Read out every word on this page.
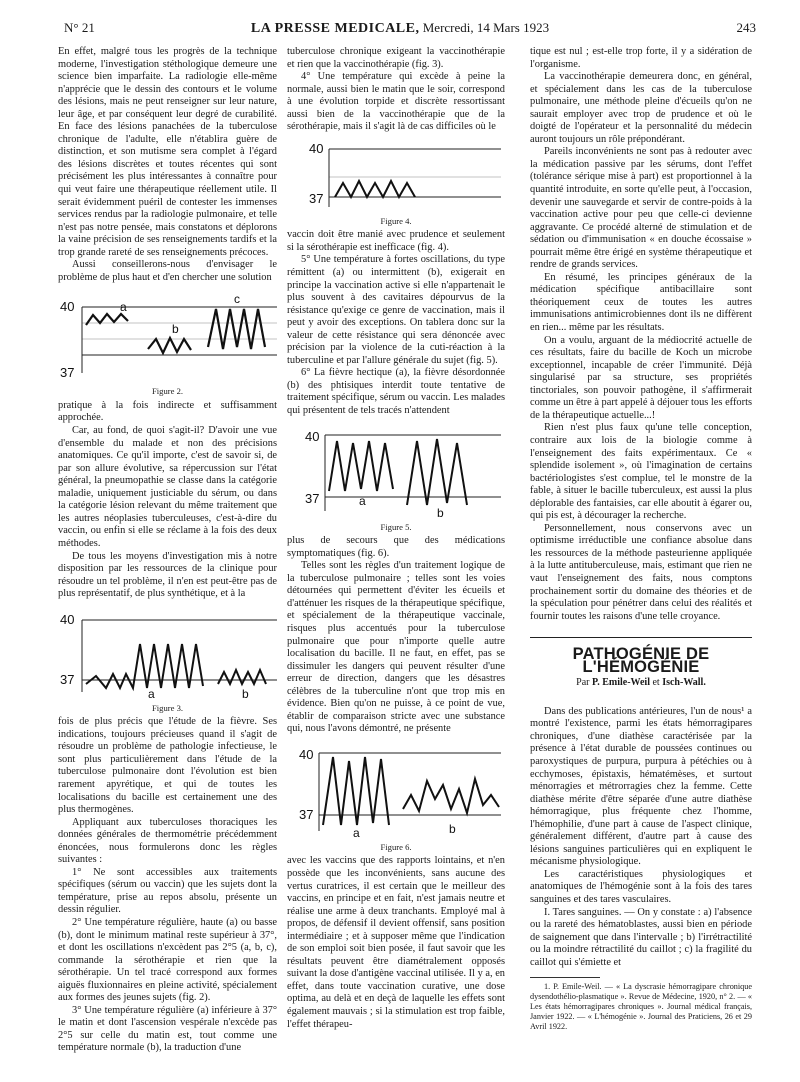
N° 21	LA PRESSE MEDICALE, Mercredi, 14 Mars 1923	243

En effet, malgré tous les progrès de la technique moderne, l'investigation stéthologique demeure une science bien imparfaite. La radiologie elle-même n'apprécie que le dessin des contours et le volume des lésions, mais ne peut renseigner sur leur nature, leur âge, et par conséquent leur degré de curabilité. En face des lésions panachées de la tuberculose chronique de l'adulte, elle n'établira guère de distinction, et son mutisme sera complet à l'égard des lésions discrètes et toutes récentes qui sont précisément les plus intéressantes à connaître pour qui veut faire une thérapeutique réellement utile. Il serait évidemment puéril de contester les immenses services rendus par la radiologie pulmonaire, et telle n'est pas notre pensée, mais constatons et déplorons la vaine précision de ses renseignements tardifs et la trop grande rareté de ses renseignements précoces.

Aussi conseillerons-nous d'envisager le problème de plus haut et d'en chercher une solution

40
37
a
b
c
Figure 2.

pratique à la fois indirecte et suffisamment approchée.

Car, au fond, de quoi s'agit-il? D'avoir une vue d'ensemble du malade et non des précisions anatomiques. Ce qu'il importe, c'est de savoir si, de par son allure évolutive, sa répercussion sur l'état général, la pneumopathie se classe dans la catégorie maladie, uniquement justiciable du sérum, ou dans la catégorie lésion relevant du même traitement que les autres néoplasies tuberculeuses, c'est-à-dire du vaccin, ou enfin si elle se réclame à la fois des deux méthodes.

De tous les moyens d'investigation mis à notre disposition par les ressources de la clinique pour résoudre un tel problème, il n'en est peut-être pas de plus représentatif, de plus synthétique, et à la

40
37
a	b
Figure 3.

fois de plus précis que l'étude de la fièvre. Ses indications, toujours précieuses quand il s'agit de résoudre un problème de pathologie infectieuse, le sont plus particulièrement dans l'étude de la tuberculose pulmonaire dont l'évolution est bien rarement apyrétique, et qui de toutes les localisations du bacille est certainement une des plus thermogènes.

Appliquant aux tuberculoses thoraciques les données générales de thermométrie précédemment énoncées, nous formulerons donc les règles suivantes :

1° Ne sont accessibles aux traitements spécifiques (sérum ou vaccin) que les sujets dont la température, prise au repos absolu, présente un dessin régulier.

2° Une température régulière, haute (a) ou basse (b), dont le minimum matinal reste supérieur à 37°, et dont les oscillations n'excèdent pas 2°5 (a, b, c), commande la sérothérapie et rien que la sérothérapie. Un tel tracé correspond aux formes aiguës fluxionnaires en pleine activité, spécialement aux formes des jeunes sujets (fig. 2).

3° Une température régulière (a) inférieure à 37° le matin et dont l'ascension vespérale n'excède pas 2°5 sur celle du matin est, tout comme une température normale (b), la traduction d'une

tuberculose chronique exigeant la vaccinothérapie et rien que la vaccinothérapie (fig. 3).

4° Une température qui excède à peine la normale, aussi bien le matin que le soir, correspond à une évolution torpide et discrète ressortissant aussi bien de la vaccinothérapie que de la sérothérapie, mais il s'agit là de cas difficiles où le

40
37
Figure 4.

vaccin doit être manié avec prudence et seulement si la sérothérapie est inefficace (fig. 4).

5° Une température à fortes oscillations, du type rémittent (a) ou intermittent (b), exigerait en principe la vaccination active si elle n'appartenait le plus souvent à des cavitaires dépourvus de la résistance qu'exige ce genre de vaccination, mais il peut y avoir des exceptions. On tablera donc sur la valeur de cette résistance qui sera dénoncée avec précision par la violence de la cuti-réaction à la tuberculine et par l'allure générale du sujet (fig. 5).

6° La fièvre hectique (a), la fièvre désordonnée (b) des phtisiques interdit toute tentative de traitement spécifique, sérum ou vaccin. Les malades qui présentent de tels tracés n'attendent

40
37	a
b
Figure 5.

plus de secours que des médications symptomatiques (fig. 6).

Telles sont les règles d'un traitement logique de la tuberculose pulmonaire ; telles sont les voies détournées qui permettent d'éviter les écueils et d'atténuer les risques de la thérapeutique spécifique, et spécialement de la thérapeutique vaccinale, risques plus accentués pour la tuberculose pulmonaire que pour n'importe quelle autre localisation du bacille. Il ne faut, en effet, pas se dissimuler les dangers qui peuvent résulter d'une erreur de direction, dangers que les désastres célèbres de la tuberculine n'ont que trop mis en évidence. Bien qu'on ne puisse, à ce point de vue, établir de comparaison stricte avec une substance qui, nous l'avons démontré, ne présente

40
37
a	b
Figure 6.

avec les vaccins que des rapports lointains, et n'en possède que les inconvénients, sans aucune des vertus curatrices, il est certain que le meilleur des vaccins, en principe et en fait, n'est jamais neutre et réalise une arme à deux tranchants. Employé mal à propos, de défensif il devient offensif, sans position intermédiaire ; et à supposer même que l'indication de son emploi soit bien posée, il faut savoir que les résultats peuvent être diamétralement opposés suivant la dose d'antigène vaccinal utilisée. Il y a, en effet, dans toute vaccination curative, une dose optima, au delà et en deçà de laquelle les effets sont également mauvais ; si la stimulation est trop faible, l'effet thérapeu-

tique est nul ; est-elle trop forte, il y a sidération de l'organisme.

La vaccinothérapie demeurera donc, en général, et spécialement dans les cas de la tuberculose pulmonaire, une méthode pleine d'écueils qu'on ne saurait employer avec trop de prudence et où le doigté de l'opérateur et la personnalité du médecin auront toujours un rôle prépondérant.

Pareils inconvénients ne sont pas à redouter avec la médication passive par les sérums, dont l'effet (tolérance sérique mise à part) est proportionnel à la quantité introduite, en sorte qu'elle peut, à l'occasion, devenir une sauvegarde et servir de contre-poids à la vaccination active pour peu que celle-ci devienne aggravante. Ce procédé alterné de stimulation et de sédation ou d'immunisation « en douche écossaise » pourrait même être érigé en système thérapeutique et rendre de grands services.

En résumé, les principes généraux de la médication spécifique antibacillaire sont théoriquement ceux de toutes les autres immunisations antimicrobiennes dont ils ne diffèrent en rien... même par les résultats.

On a voulu, arguant de la médiocrité actuelle de ces résultats, faire du bacille de Koch un microbe exceptionnel, incapable de créer l'immunité. Déjà singularisé par sa structure, ses propriétés tinctoriales, son pouvoir pathogène, il s'affirmerait comme un être à part appelé à déjouer tous les efforts de la thérapeutique actuelle...!

Rien n'est plus faux qu'une telle conception, contraire aux lois de la biologie comme à l'enseignement des faits expérimentaux. Ce « splendide isolement », où l'imagination de certains bactériologistes s'est complue, tel le monstre de la fable, à situer le bacille tuberculeux, est aussi la plus déplorable des fantaisies, car elle aboutit à égarer ou, qui pis est, à décourager la recherche.

Personnellement, nous conservons avec un optimisme irréductible une confiance absolue dans les ressources de la méthode pasteurienne appliquée à la lutte antituberculeuse, mais, estimant que rien ne vaut l'enseignement des faits, nous comptons prochainement sortir du domaine des théories et de la spéculation pour pénétrer dans celui des réalités et fournir toutes les raisons d'une telle croyance.

PATHOGÉNIE DE L'HÉMOGÉNIE
Par P. Emile-Weil et Isch-Wall.

Dans des publications antérieures, l'un de nous¹ a montré l'existence, parmi les états hémorragipares chroniques, d'une diathèse caractérisée par la présence à l'état durable de poussées continues ou paroxystiques de purpura, purpura à pétéchies ou à ecchymoses, épistaxis, hématémèses, et surtout ménorragies et métrorragies chez la femme. Cette diathèse mérite d'être séparée d'une autre diathèse hémorragique, plus fréquente chez l'homme, l'hémophilie, d'une part à cause de l'aspect clinique, généralement différent, d'autre part à cause des lésions sanguines particulières qui en expliquent le mécanisme physiologique.

Les caractéristiques physiologiques et anatomiques de l'hémogénie sont à la fois des tares sanguines et des tares vasculaires.

I. Tares sanguines. — On y constate : a) l'absence ou la rareté des hématoblastes, aussi bien en période de saignement que dans l'intervalle ; b) l'irrétractilité ou la moindre rétractilité du caillot ; c) la fragilité du caillot qui s'émiette et

1. P. Emile-Weil. — « La dyscrasie hémorragipare chronique dysendothélio-plasmatique ». Revue de Médecine, 1920, n° 2. — « Les états hémorragipares chroniques ». Journal médical français, Janvier 1922. — « L'hémogénie ». Journal des Praticiens, 26 et 29 Avril 1922.
